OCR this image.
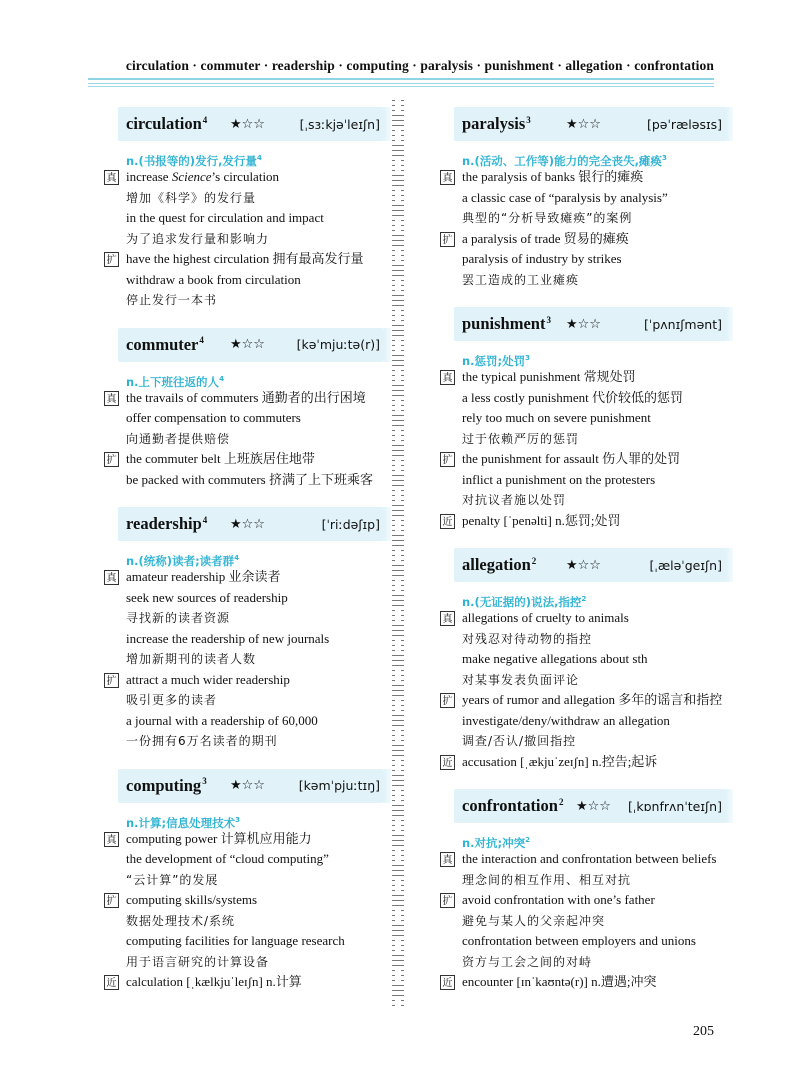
circulation · commuter · readership · computing · paralysis · punishment · allegation · confrontation
circulation$^4$ ★☆☆	[ˌsɜːkjəˈleɪʃn]
n.(书报等的)发行,发行量$^4$
真 increase Science’s circulation
增加《科学》的发行量
in the quest for circulation and impact
为了追求发行量和影响力
扩 have the highest circulation 拥有最高发行量
withdraw a book from circulation
停止发行一本书
commuter$^4$ ★☆☆	[kəˈmjuːtə(r)]
n.上下班往返的人$^4$
真 the travails of commuters 通勤者的出行困境
offer compensation to commuters
向通勤者提供赔偿
扩 the commuter belt 上班族居住地带
be packed with commuters 挤满了上下班乘客
readership$^4$ ★☆☆	[ˈriːdəʃɪp]
n.(统称)读者;读者群$^4$
真 amateur readership 业余读者
seek new sources of readership
寻找新的读者资源
increase the readership of new journals
增加新期刊的读者人数
扩 attract a much wider readership
吸引更多的读者
a journal with a readership of 60,000
一份拥有6万名读者的期刊
computing$^3$ ★☆☆	[kəmˈpjuːtɪŋ]
n.计算;信息处理技术$^3$
真 computing power 计算机应用能力
the development of “cloud computing”
“云计算”的发展
扩 computing skills/systems
数据处理技术/系统
computing facilities for language research
用于语言研究的计算设备
近 calculation [ˌkælkjuˈleɪʃn] n.计算
paralysis$^3$	★☆☆	[pəˈræləsɪs]
n.(活动、工作等)能力的完全丧失,瘫痪$^3$
真 the paralysis of banks 银行的瘫痪
a classic case of “paralysis by analysis”
典型的“分析导致瘫痪”的案例
扩 a paralysis of trade 贸易的瘫痪
paralysis of industry by strikes
罢工造成的工业瘫痪
punishment$^3$ ★☆☆	[ˈpʌnɪʃmənt]
n.惩罚;处罚$^3$
真 the typical punishment 常规处罚
a less costly punishment 代价较低的惩罚
rely too much on severe punishment
过于依赖严厉的惩罚
扩 the punishment for assault 伤人罪的处罚
inflict a punishment on the protesters
对抗议者施以处罚
近 penalty [ˈpenəlti] n.惩罚;处罚
allegation$^2$ ★☆☆	[ˌæləˈgeɪʃn]
n.(无证据的)说法,指控$^2$
真 allegations of cruelty to animals
对残忍对待动物的指控
make negative allegations about sth
对某事发表负面评论
扩 years of rumor and allegation 多年的谣言和指控
investigate/deny/withdraw an allegation
调查/否认/撤回指控
近 accusation [ˌækjuˈzeɪʃn] n.控告;起诉
confrontation$^2$ ★☆☆ [ˌkɒnfrʌnˈteɪʃn]
n.对抗;冲突$^2$
真 the interaction and confrontation between beliefs
理念间的相互作用、相互对抗
扩 avoid confrontation with one’s father
避免与某人的父亲起冲突
confrontation between employers and unions
资方与工会之间的对峙
近 encounter [ɪnˈkaʊntə(r)] n.遭遇;冲突
205
